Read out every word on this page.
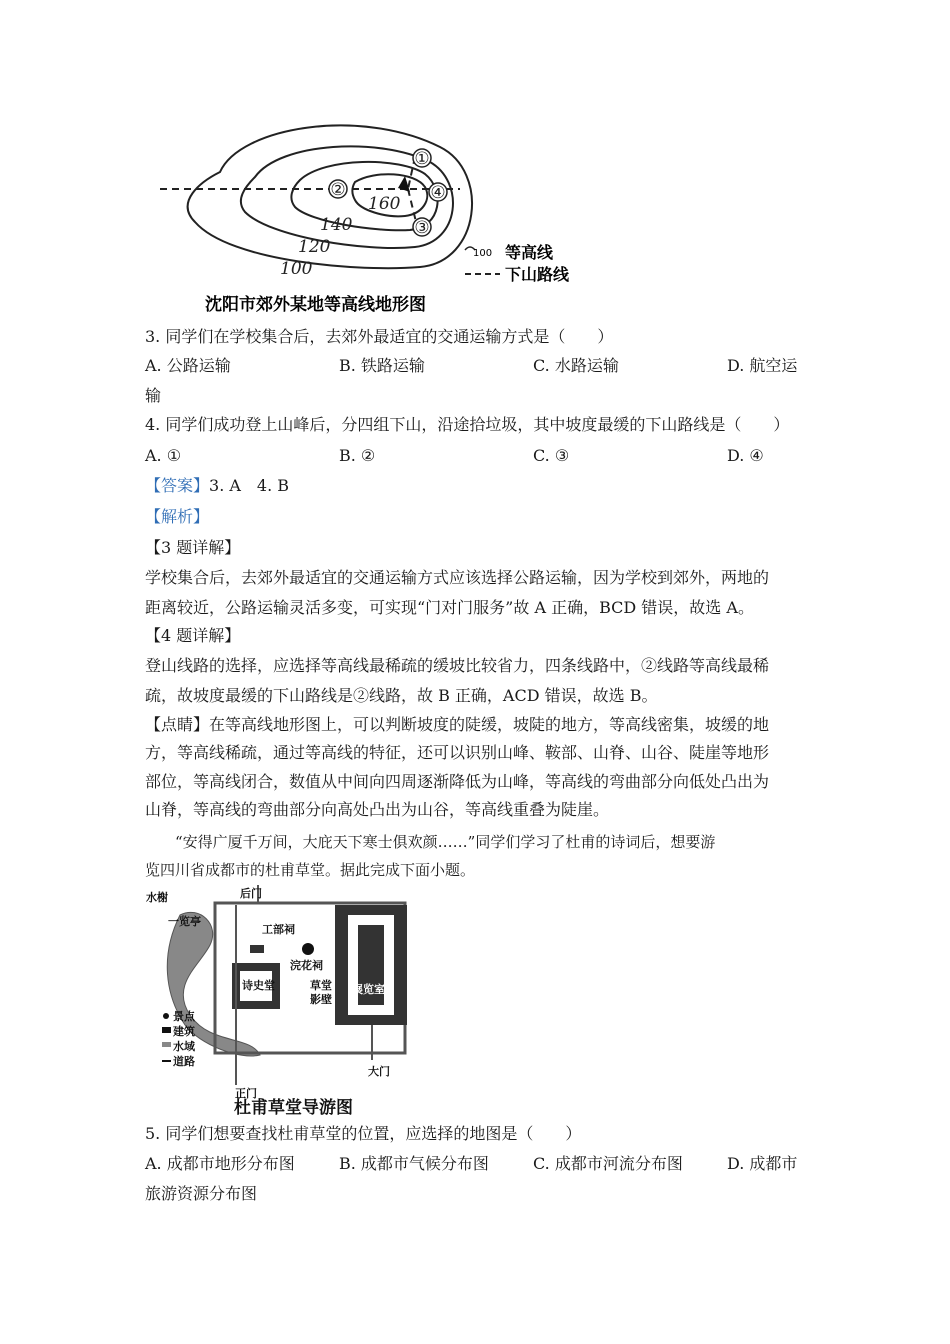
①
②
③
④
160
140
120
100
100 等高线
下山路线
沈阳市郊外某地等高线地形图
3. 同学们在学校集合后，去郊外最适宜的交通运输方式是（　　）
A. 公路运输	B. 铁路运输	C. 水路运输	D. 航空运
输
4. 同学们成功登上山峰后，分四组下山，沿途拾垃圾，其中坡度最缓的下山路线是（　　）
A. ①	B. ②	C. ③	D. ④
【答案】3. A　4. B
【解析】
【3 题详解】
学校集合后，去郊外最适宜的交通运输方式应该选择公路运输，因为学校到郊外，两地的
距离较近，公路运输灵活多变，可实现“门对门服务”故 A 正确，BCD 错误，故选 A。
【4 题详解】
登山线路的选择，应选择等高线最稀疏的缓坡比较省力，四条线路中，②线路等高线最稀
疏，故坡度最缓的下山路线是②线路，故 B 正确，ACD 错误，故选 B。
【点睛】在等高线地形图上，可以判断坡度的陡缓，坡陡的地方，等高线密集，坡缓的地
方，等高线稀疏，通过等高线的特征，还可以识别山峰、鞍部、山脊、山谷、陡崖等地形
部位，等高线闭合，数值从中间向四周逐渐降低为山峰，等高线的弯曲部分向低处凸出为
山脊，等高线的弯曲部分向高处凸出为山谷，等高线重叠为陡崖。
“安得广厦千万间，大庇天下寒士俱欢颜……”同学们学习了杜甫的诗词后，想要游
览四川省成都市的杜甫草堂。据此完成下面小题。
水榭	后门
一览亭
工部祠
浣花祠
诗史堂	草堂
影壁
展览室
正门
大门
景点
建筑
水域
道路
杜甫草堂导游图
5. 同学们想要查找杜甫草堂的位置，应选择的地图是（　　）
A. 成都市地形分布图	B. 成都市气候分布图	C. 成都市河流分布图	D. 成都市
旅游资源分布图
